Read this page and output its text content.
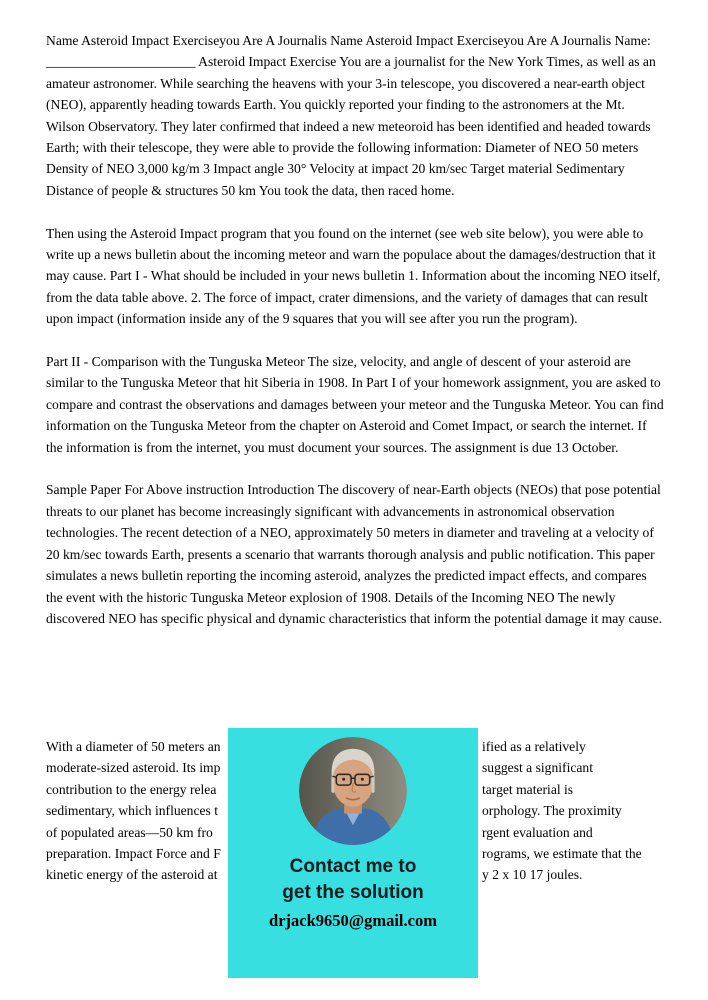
Name Asteroid Impact Exerciseyou Are A Journalis Name Asteroid Impact Exerciseyou Are A Journalis Name: ______________________ Asteroid Impact Exercise You are a journalist for the New York Times, as well as an amateur astronomer. While searching the heavens with your 3-in telescope, you discovered a near-earth object (NEO), apparently heading towards Earth. You quickly reported your finding to the astronomers at the Mt. Wilson Observatory. They later confirmed that indeed a new meteoroid has been identified and headed towards Earth; with their telescope, they were able to provide the following information: Diameter of NEO 50 meters Density of NEO 3,000 kg/m 3 Impact angle 30° Velocity at impact 20 km/sec Target material Sedimentary Distance of people & structures 50 km You took the data, then raced home.

Then using the Asteroid Impact program that you found on the internet (see web site below), you were able to write up a news bulletin about the incoming meteor and warn the populace about the damages/destruction that it may cause. Part I - What should be included in your news bulletin 1. Information about the incoming NEO itself, from the data table above. 2. The force of impact, crater dimensions, and the variety of damages that can result upon impact (information inside any of the 9 squares that you will see after you run the program).

Part II - Comparison with the Tunguska Meteor The size, velocity, and angle of descent of your asteroid are similar to the Tunguska Meteor that hit Siberia in 1908. In Part I of your homework assignment, you are asked to compare and contrast the observations and damages between your meteor and the Tunguska Meteor. You can find information on the Tunguska Meteor from the chapter on Asteroid and Comet Impact, or search the internet. If the information is from the internet, you must document your sources. The assignment is due 13 October.

Sample Paper For Above instruction Introduction The discovery of near-Earth objects (NEOs) that pose potential threats to our planet has become increasingly significant with advancements in astronomical observation technologies. The recent detection of a NEO, approximately 50 meters in diameter and traveling at a velocity of 20 km/sec towards Earth, presents a scenario that warrants thorough analysis and public notification. This paper simulates a news bulletin reporting the incoming asteroid, analyzes the predicted impact effects, and compares the event with the historic Tunguska Meteor explosion of 1908. Details of the Incoming NEO The newly discovered NEO has specific physical and dynamic characteristics that inform the potential damage it may cause.

With a diameter of 50 meters an	ified as a relatively
moderate-sized asteroid. Its imp	suggest a significant
contribution to the energy relea	target material is
sedimentary, which influences t	orphology. The proximity
of populated areas—50 km fro	rgent evaluation and
preparation. Impact Force and F	rograms, we estimate that the
kinetic energy of the asteroid at	y 2 x 10 17 joules.
Contact me to
get the solution
drjack9650@gmail.com
